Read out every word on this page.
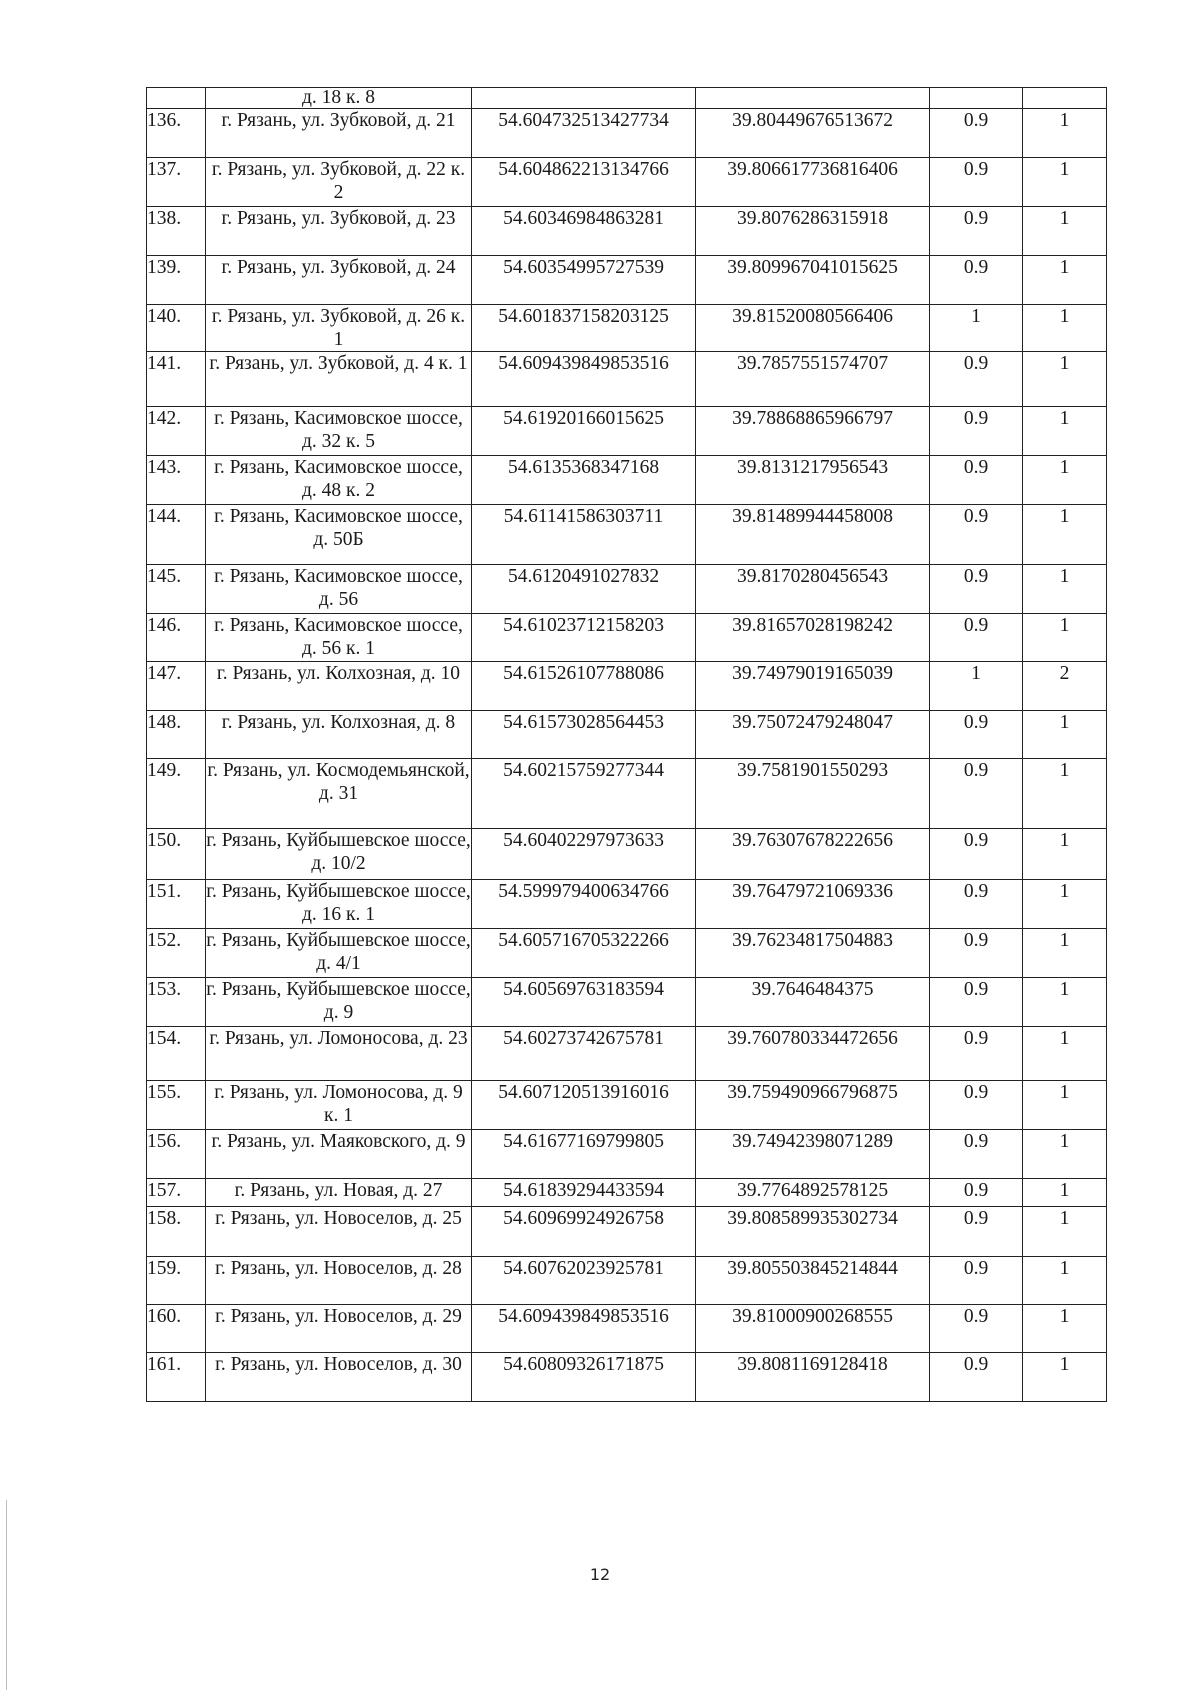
	д. 18 к. 8				
136.	г. Рязань, ул. Зубковой, д. 21	54.604732513427734	39.80449676513672	0.9	1
137.	г. Рязань, ул. Зубковой, д. 22 к. 2	54.604862213134766	39.806617736816406	0.9	1
138.	г. Рязань, ул. Зубковой, д. 23	54.60346984863281	39.8076286315918	0.9	1
139.	г. Рязань, ул. Зубковой, д. 24	54.60354995727539	39.809967041015625	0.9	1
140.	г. Рязань, ул. Зубковой, д. 26 к. 1	54.601837158203125	39.81520080566406	1	1
141.	г. Рязань, ул. Зубковой, д. 4 к. 1	54.609439849853516	39.7857551574707	0.9	1
142.	г. Рязань, Касимовское шоссе, д. 32 к. 5	54.61920166015625	39.78868865966797	0.9	1
143.	г. Рязань, Касимовское шоссе, д. 48 к. 2	54.6135368347168	39.8131217956543	0.9	1
144.	г. Рязань, Касимовское шоссе, д. 50Б	54.61141586303711	39.81489944458008	0.9	1
145.	г. Рязань, Касимовское шоссе, д. 56	54.6120491027832	39.8170280456543	0.9	1
146.	г. Рязань, Касимовское шоссе, д. 56 к. 1	54.61023712158203	39.81657028198242	0.9	1
147.	г. Рязань, ул. Колхозная, д. 10	54.61526107788086	39.74979019165039	1	2
148.	г. Рязань, ул. Колхозная, д. 8	54.61573028564453	39.75072479248047	0.9	1
149.	г. Рязань, ул. Космодемьянской, д. 31	54.60215759277344	39.7581901550293	0.9	1
150.	г. Рязань, Куйбышевское шоссе, д. 10/2	54.60402297973633	39.76307678222656	0.9	1
151.	г. Рязань, Куйбышевское шоссе, д. 16 к. 1	54.599979400634766	39.76479721069336	0.9	1
152.	г. Рязань, Куйбышевское шоссе, д. 4/1	54.605716705322266	39.76234817504883	0.9	1
153.	г. Рязань, Куйбышевское шоссе, д. 9	54.60569763183594	39.7646484375	0.9	1
154.	г. Рязань, ул. Ломоносова, д. 23	54.60273742675781	39.760780334472656	0.9	1
155.	г. Рязань, ул. Ломоносова, д. 9 к. 1	54.607120513916016	39.759490966796875	0.9	1
156.	г. Рязань, ул. Маяковского, д. 9	54.61677169799805	39.74942398071289	0.9	1
157.	г. Рязань, ул. Новая, д. 27	54.61839294433594	39.7764892578125	0.9	1
158.	г. Рязань, ул. Новоселов, д. 25	54.60969924926758	39.808589935302734	0.9	1
159.	г. Рязань, ул. Новоселов, д. 28	54.60762023925781	39.805503845214844	0.9	1
160.	г. Рязань, ул. Новоселов, д. 29	54.609439849853516	39.81000900268555	0.9	1
161.	г. Рязань, ул. Новоселов, д. 30	54.60809326171875	39.8081169128418	0.9	1
12
